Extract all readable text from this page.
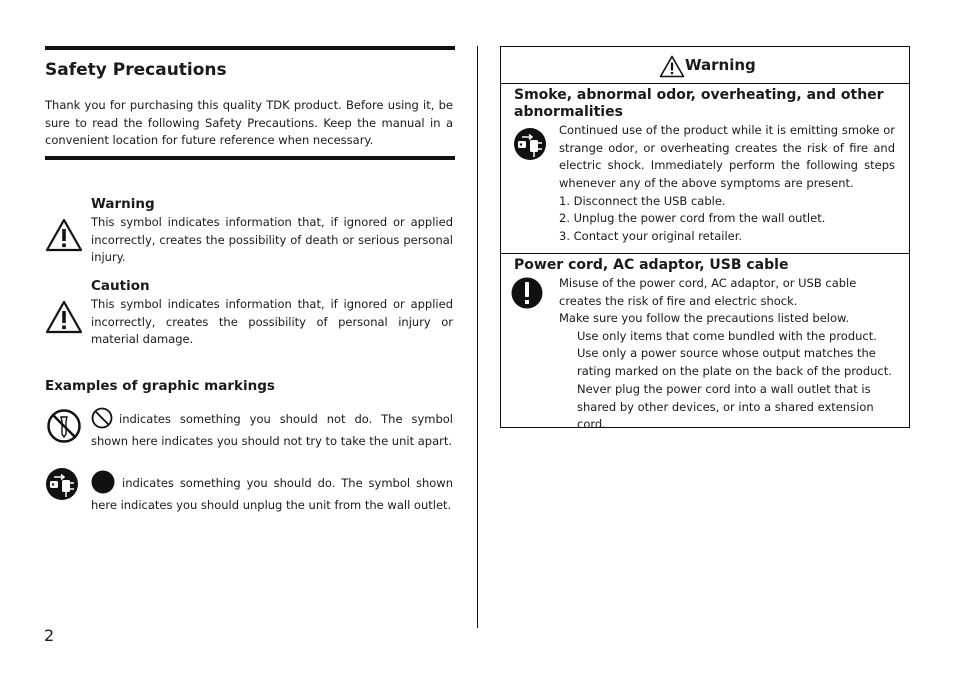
Safety Precautions

Thank you for purchasing this quality TDK product. Before using it, be sure to read the following Safety Precautions. Keep the manual in a convenient location for future reference when necessary.

Warning

This symbol indicates information that, if ignored or applied incorrectly, creates the possibility of death or serious personal injury.

Caution

This symbol indicates information that, if ignored or applied incorrectly, creates the possibility of personal injury or material damage.

Examples of graphic markings

indicates something you should not do. The symbol shown here indicates you should not try to take the unit apart.

indicates something you should do. The symbol shown here indicates you should unplug the unit from the wall outlet.

2
Warning
Smoke, abnormal odor, overheating, and other abnormalities

Continued use of the product while it is emitting smoke or strange odor, or overheating creates the risk of fire and electric shock. Immediately perform the following steps whenever any of the above symptoms are present.

1. Disconnect the USB cable.

2. Unplug the power cord from the wall outlet.

3. Contact your original retailer.

Power cord, AC adaptor, USB cable

Misuse of the power cord, AC adaptor, or USB cable creates the risk of fire and electric shock.

Make sure you follow the precautions listed below.

Use only items that come bundled with the product.

Use only a power source whose output matches the rating marked on the plate on the back of the product.

Never plug the power cord into a wall outlet that is shared by other devices, or into a shared extension cord.
